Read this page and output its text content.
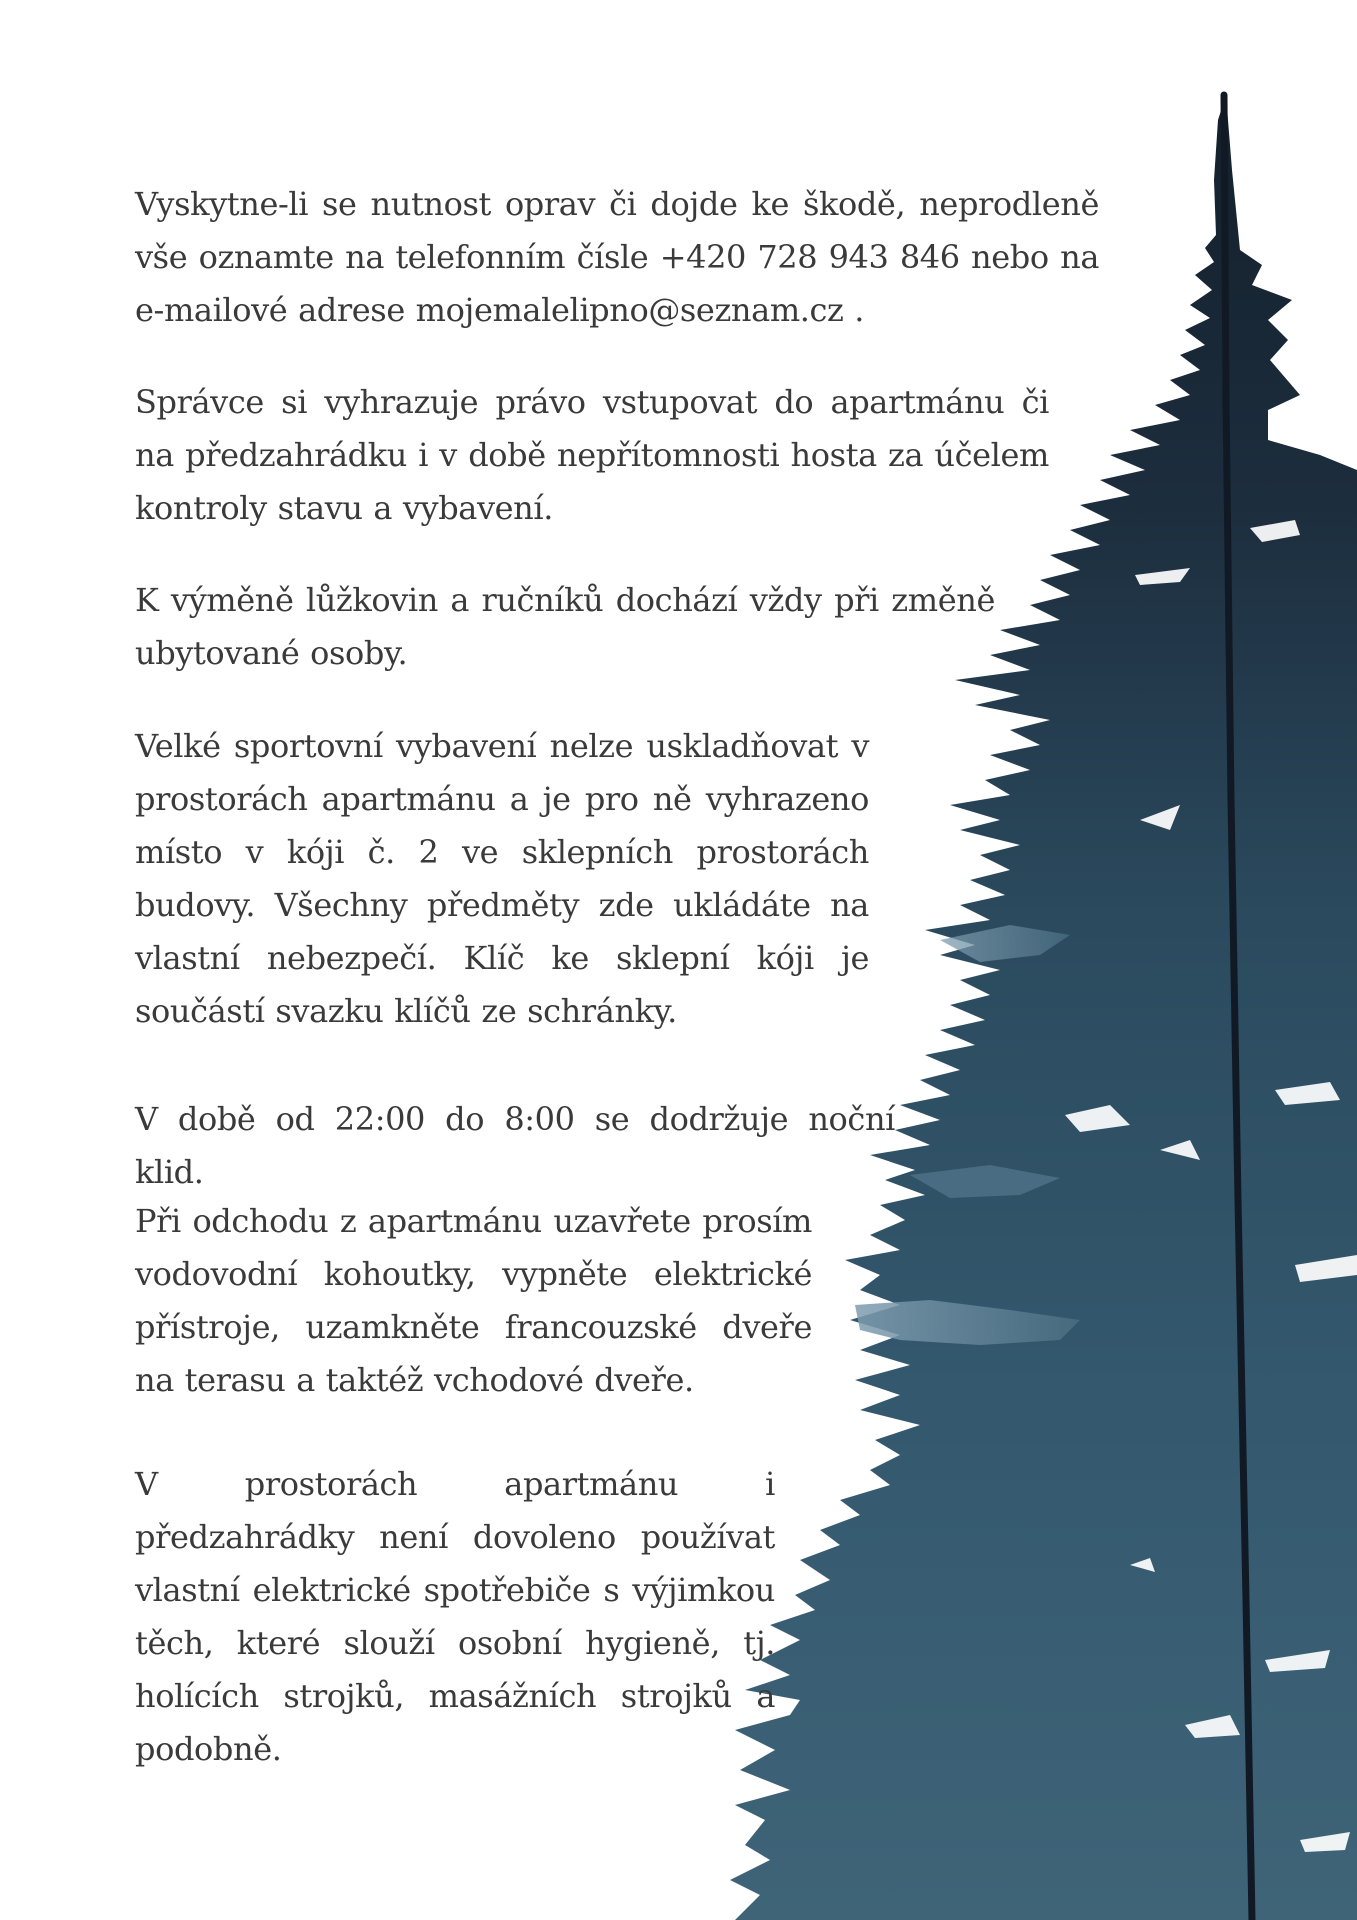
Vyskytne-li se nutnost oprav či dojde ke škodě, neprodleně vše oznamte na telefonním čísle +420 728 943 846 nebo na e-mailové adrese mojemalelipno@seznam.cz .

Správce si vyhrazuje právo vstupovat do apartmánu či na předzahrádku i v době nepřítomnosti hosta za účelem kontroly stavu a vybavení.

K výměně lůžkovin a ručníků dochází vždy při změně ubytované osoby.

Velké sportovní vybavení nelze uskladňovat v prostorách apartmánu a je pro ně vyhrazeno místo v kóji č. 2 ve sklepních prostorách budovy. Všechny předměty zde ukládáte na vlastní nebezpečí. Klíč ke sklepní kóji je součástí svazku klíčů ze schránky.

V době od 22:00 do 8:00 se dodržuje noční klid.

Při odchodu z apartmánu uzavřete prosím vodovodní kohoutky, vypněte elektrické přístroje, uzamkněte francouzské dveře na terasu a taktéž vchodové dveře.

V prostorách apartmánu i předzahrádky není dovoleno používat vlastní elektrické spotřebiče s výjimkou těch, které slouží osobní hygieně, tj. holících strojků, masážních strojků a podobně.
